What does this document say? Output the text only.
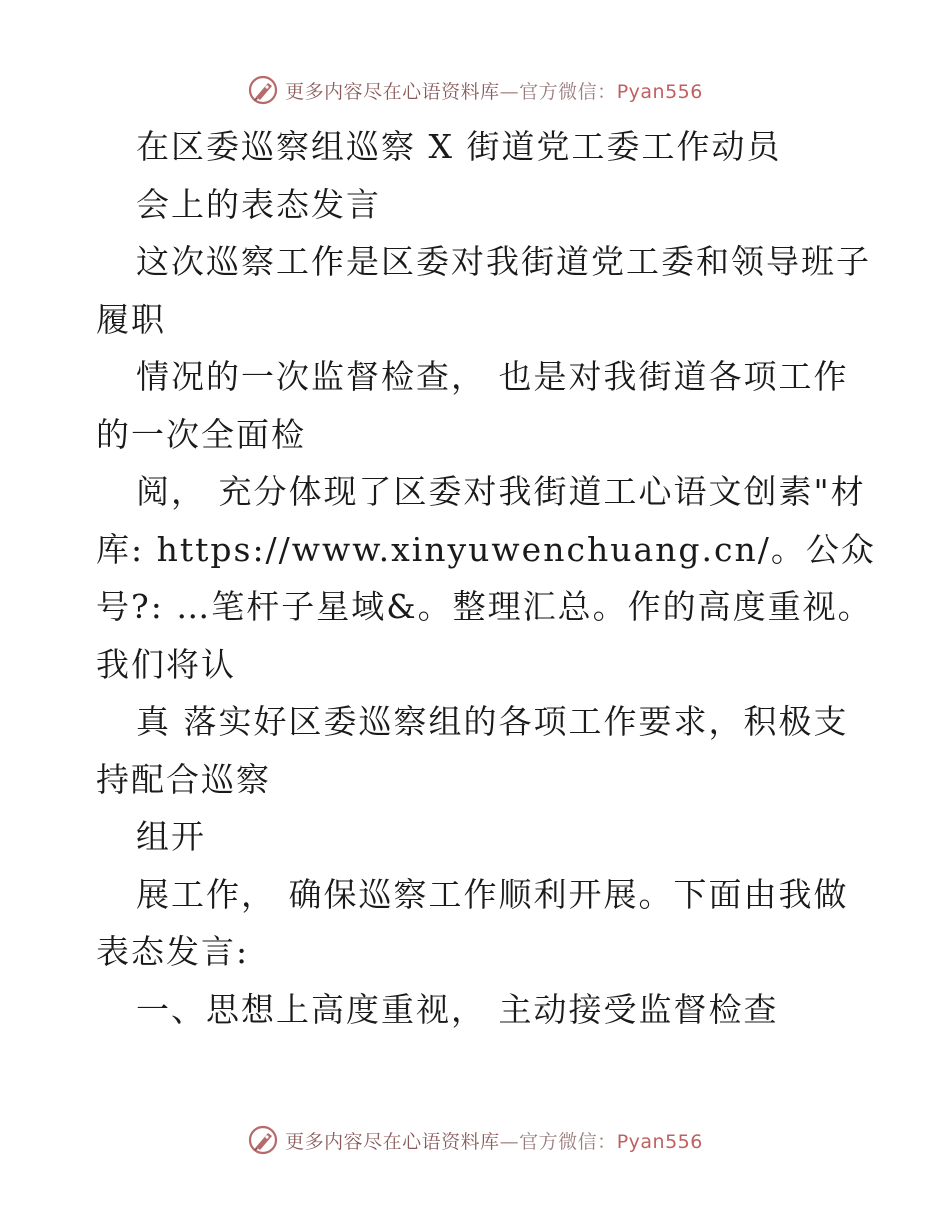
更多内容尽在心语资料库—官方微信：Pyan556
在区委巡察组巡察 X 街道党工委工作动员
会上的表态发言
这次巡察工作是区委对我街道党工委和领导班子
履职
情况的一次监督检查， 也是对我街道各项工作
的一次全面检
阅， 充分体现了区委对我街道工心语文创素"材
库: https://www.xinyuwenchuang.cn/。公众
号?: …笔杆子星域&。整理汇总。作的高度重视。
我们将认
真 落实好区委巡察组的各项工作要求，积极支
持配合巡察
组开
展工作， 确保巡察工作顺利开展。下面由我做
表态发言:
一、思想上高度重视， 主动接受监督检查
更多内容尽在心语资料库—官方微信：Pyan556
